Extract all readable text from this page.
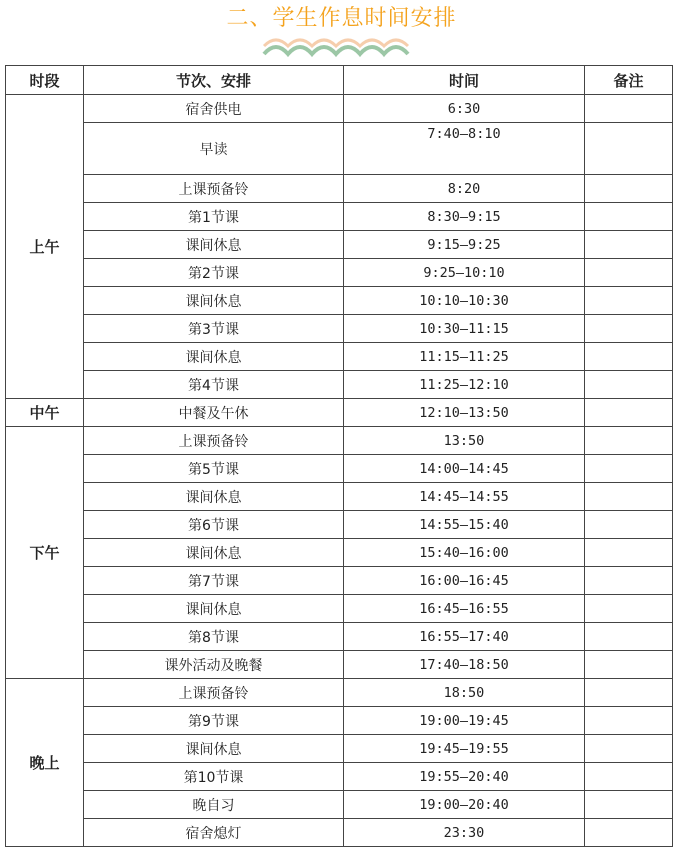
二、学生作息时间安排
时段	节次、安排	时间	备注
上午	宿舍供电	6:30	
	早读	7:40—8:10	
	上课预备铃	8:20	
	第1节课	8:30—9:15	
	课间休息	9:15—9:25	
	第2节课	9:25—10:10	
	课间休息	10:10—10:30	
	第3节课	10:30—11:15	
	课间休息	11:15—11:25	
	第4节课	11:25—12:10	
中午	中餐及午休	12:10—13:50	
下午	上课预备铃	13:50	
	第5节课	14:00—14:45	
	课间休息	14:45—14:55	
	第6节课	14:55—15:40	
	课间休息	15:40—16:00	
	第7节课	16:00—16:45	
	课间休息	16:45—16:55	
	第8节课	16:55—17:40	
	课外活动及晚餐	17:40—18:50	
晚上	上课预备铃	18:50	
	第9节课	19:00—19:45	
	课间休息	19:45—19:55	
	第10节课	19:55—20:40	
	晚自习	19:00—20:40	
	宿舍熄灯	23:30	
